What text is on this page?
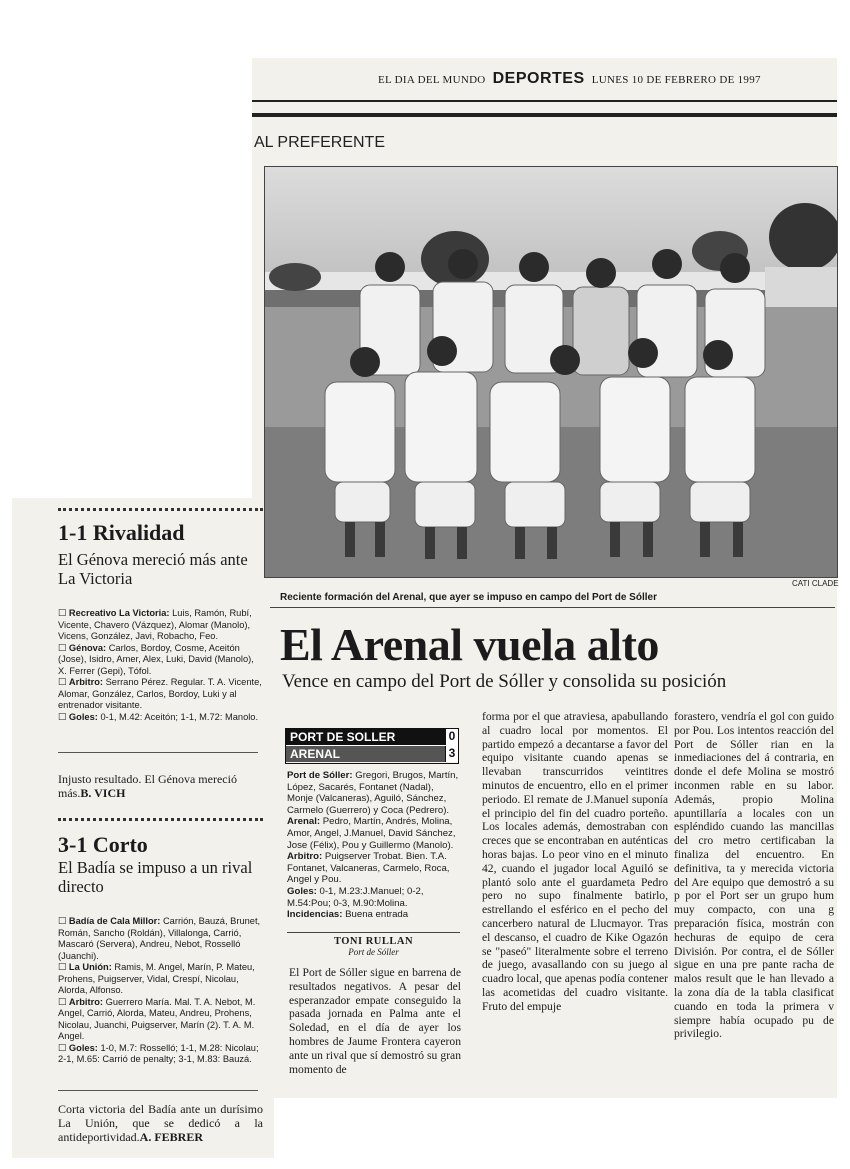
EL DIA DEL MUNDO DEPORTES LUNES 10 DE FEBRERO DE 1997
AL PREFERENTE
CATI CLADE
Reciente formación del Arenal, que ayer se impuso en campo del Port de Sóller
El Arenal vuela alto
Vence en campo del Port de Sóller y consolida su posición
PORT DE SOLLER	0
ARENAL	3
Port de Sóller: Gregori, Brugos, Martín, López, Sacarés, Fontanet (Nadal), Monje (Valcaneras), Aguiló, Sánchez, Carmelo (Guerrero) y Coca (Pedrero).
Arenal: Pedro, Martín, Andrés, Molina, Amor, Angel, J.Manuel, David Sánchez, Jose (Félix), Pou y Guillermo (Manolo).
Arbitro: Puigserver Trobat. Bien. T.A. Fontanet, Valcaneras, Carmelo, Roca, Angel y Pou.
Goles: 0-1, M.23:J.Manuel; 0-2, M.54:Pou; 0-3, M.90:Molina.
Incidencias: Buena entrada
TONI RULLAN
Port de Sóller
El Port de Sóller sigue en barrena de resultados negativos. A pesar del esperanzador empate conseguido la pasada jornada en Palma ante el Soledad, en el día de ayer los hombres de Jaume Frontera cayeron ante un rival que sí demostró su gran momento de
forma por el que atraviesa, apabullando al cuadro local por momentos. El partido empezó a decantarse a favor del equipo visitante cuando apenas se llevaban transcurridos veintitres minutos de encuentro, ello en el primer periodo. El remate de J.Manuel suponía el principio del fin del cuadro porteño. Los locales además, demostraban con creces que se encontraban en auténticas horas bajas. Lo peor vino en el minuto 42, cuando el jugador local Aguiló se plantó solo ante el guardameta Pedro pero no supo finalmente batirlo, estrellando el esférico en el pecho del cancerbero natural de Llucmayor. Tras el descanso, el cuadro de Kike Ogazón se "paseó" literalmente sobre el terreno de juego, avasallando con su juego al cuadro local, que apenas podía contener las acometidas del cuadro visitante. Fruto del empuje
forastero, vendría el gol con guido por Pou. Los intentos reacción del Port de Sóller rian en la inmediaciones del á contraria, en donde el defe Molina se mostró inconmen rable en su labor. Además, propio Molina apuntillaría a locales con un espléndido cuando las mancillas del cro metro certificaban la finaliza del encuentro. En definitiva, ta y merecida victoria del Are equipo que demostró a su p por el Port ser un grupo hum muy compacto, con una g preparación física, mostrán con hechuras de equipo de cera División. Por contra, el de Sóller sigue en una pre pante racha de malos result que le han llevado a la zona día de la tabla clasificat cuando en toda la primera v siempre había ocupado pu de privilegio.
1-1 Rivalidad
El Génova mereció más ante La Victoria
☐ Recreativo La Victoria: Luis, Ramón, Rubí, Vicente, Chavero (Vázquez), Alomar (Manolo), Vicens, González, Javi, Robacho, Feo.
☐ Génova: Carlos, Bordoy, Cosme, Aceitón (Jose), Isidro, Amer, Alex, Luki, David (Manolo), X. Ferrer (Gepi), Tófol.
☐ Arbitro: Serrano Pérez. Regular. T. A. Vicente, Alomar, González, Carlos, Bordoy, Luki y al entrenador visitante.
☐ Goles: 0-1, M.42: Aceitón; 1-1, M.72: Manolo.
Injusto resultado. El Génova mereció más.B. VICH
3-1 Corto
El Badía se impuso a un rival directo
☐ Badía de Cala Millor: Carrión, Bauzá, Brunet, Román, Sancho (Roldán), Villalonga, Carrió, Mascaró (Servera), Andreu, Nebot, Rosselló (Juanchi).
☐ La Unión: Ramis, M. Angel, Marín, P. Mateu, Prohens, Puigserver, Vidal, Crespí, Nicolau, Alorda, Alfonso.
☐ Arbitro: Guerrero María. Mal. T. A. Nebot, M. Angel, Carrió, Alorda, Mateu, Andreu, Prohens, Nicolau, Juanchi, Puigserver, Marín (2). T. A. M. Angel.
☐ Goles: 1-0, M.7: Rosselló; 1-1, M.28: Nicolau; 2-1, M.65: Carrió de penalty; 3-1, M.83: Bauzá.
Corta victoria del Badía ante un durísimo La Unión, que se dedicó a la antideportividad.A. FEBRER
